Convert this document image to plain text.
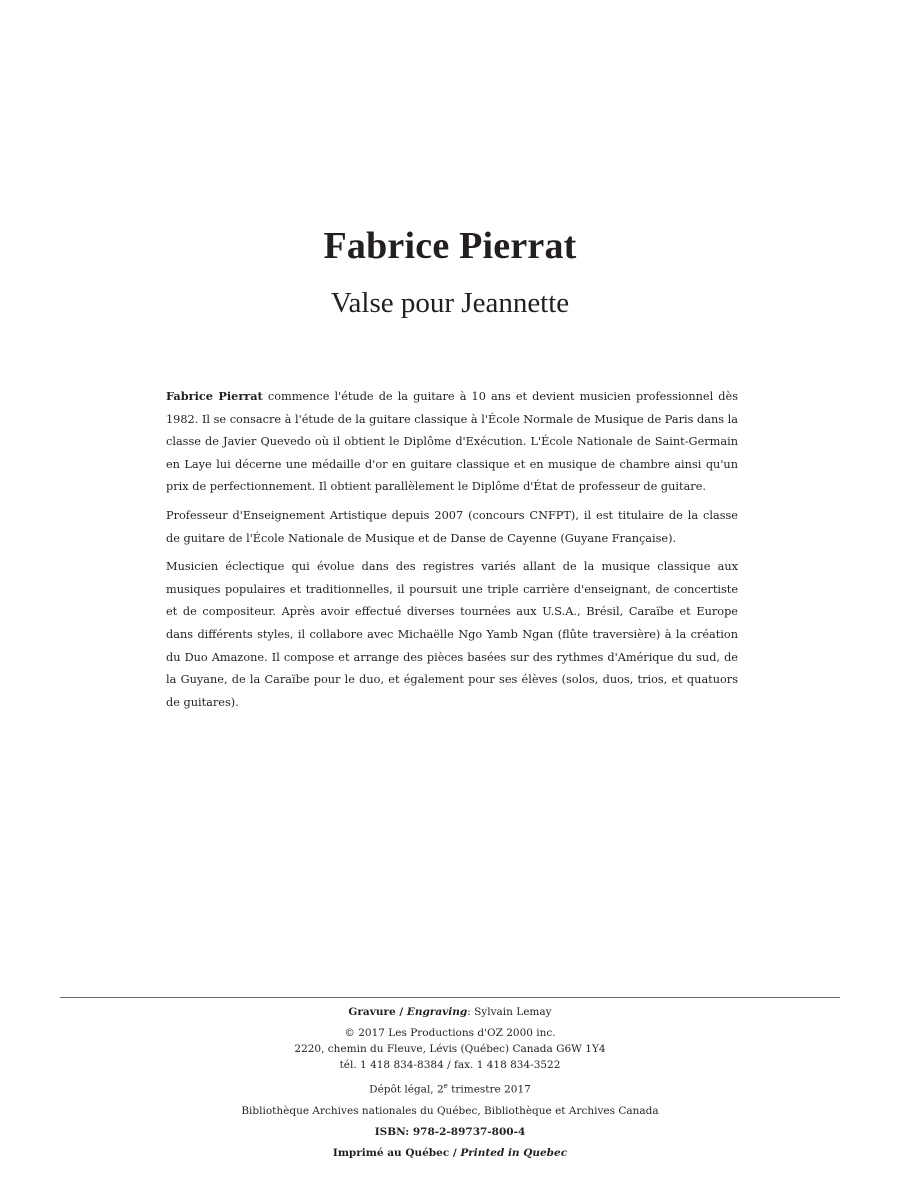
Fabrice Pierrat
Valse pour Jeannette

Fabrice Pierrat commence l'étude de la guitare à 10 ans et devient musicien professionnel dès 1982. Il se consacre à l'étude de la guitare classique à l'École Normale de Musique de Paris dans la classe de Javier Quevedo où il obtient le Diplôme d'Exécution. L'École Nationale de Saint-Germain en Laye lui décerne une médaille d'or en guitare classique et en musique de chambre ainsi qu'un prix de perfectionnement. Il obtient parallèlement le Diplôme d'État de professeur de guitare.

Professeur d'Enseignement Artistique depuis 2007 (concours CNFPT), il est titulaire de la classe de guitare de l'École Nationale de Musique et de Danse de Cayenne (Guyane Française).

Musicien éclectique qui évolue dans des registres variés allant de la musique classique aux musiques populaires et traditionnelles, il poursuit une triple carrière d'enseignant, de concertiste et de compositeur. Après avoir effectué diverses tournées aux U.S.A., Brésil, Caraïbe et Europe dans différents styles, il collabore avec Michaëlle Ngo Yamb Ngan (flûte traversière) à la création du Duo Amazone. Il compose et arrange des pièces basées sur des rythmes d'Amérique du sud, de la Guyane, de la Caraïbe pour le duo, et également pour ses élèves (solos, duos, trios, et quatuors de guitares).

Gravure / Engraving: Sylvain Lemay
© 2017 Les Productions d'OZ 2000 inc.
2220, chemin du Fleuve, Lévis (Québec) Canada G6W 1Y4
tél. 1 418 834-8384 / fax. 1 418 834-3522
Dépôt légal, 2e trimestre 2017
Bibliothèque Archives nationales du Québec, Bibliothèque et Archives Canada
ISBN: 978-2-89737-800-4
Imprimé au Québec / Printed in Quebec
